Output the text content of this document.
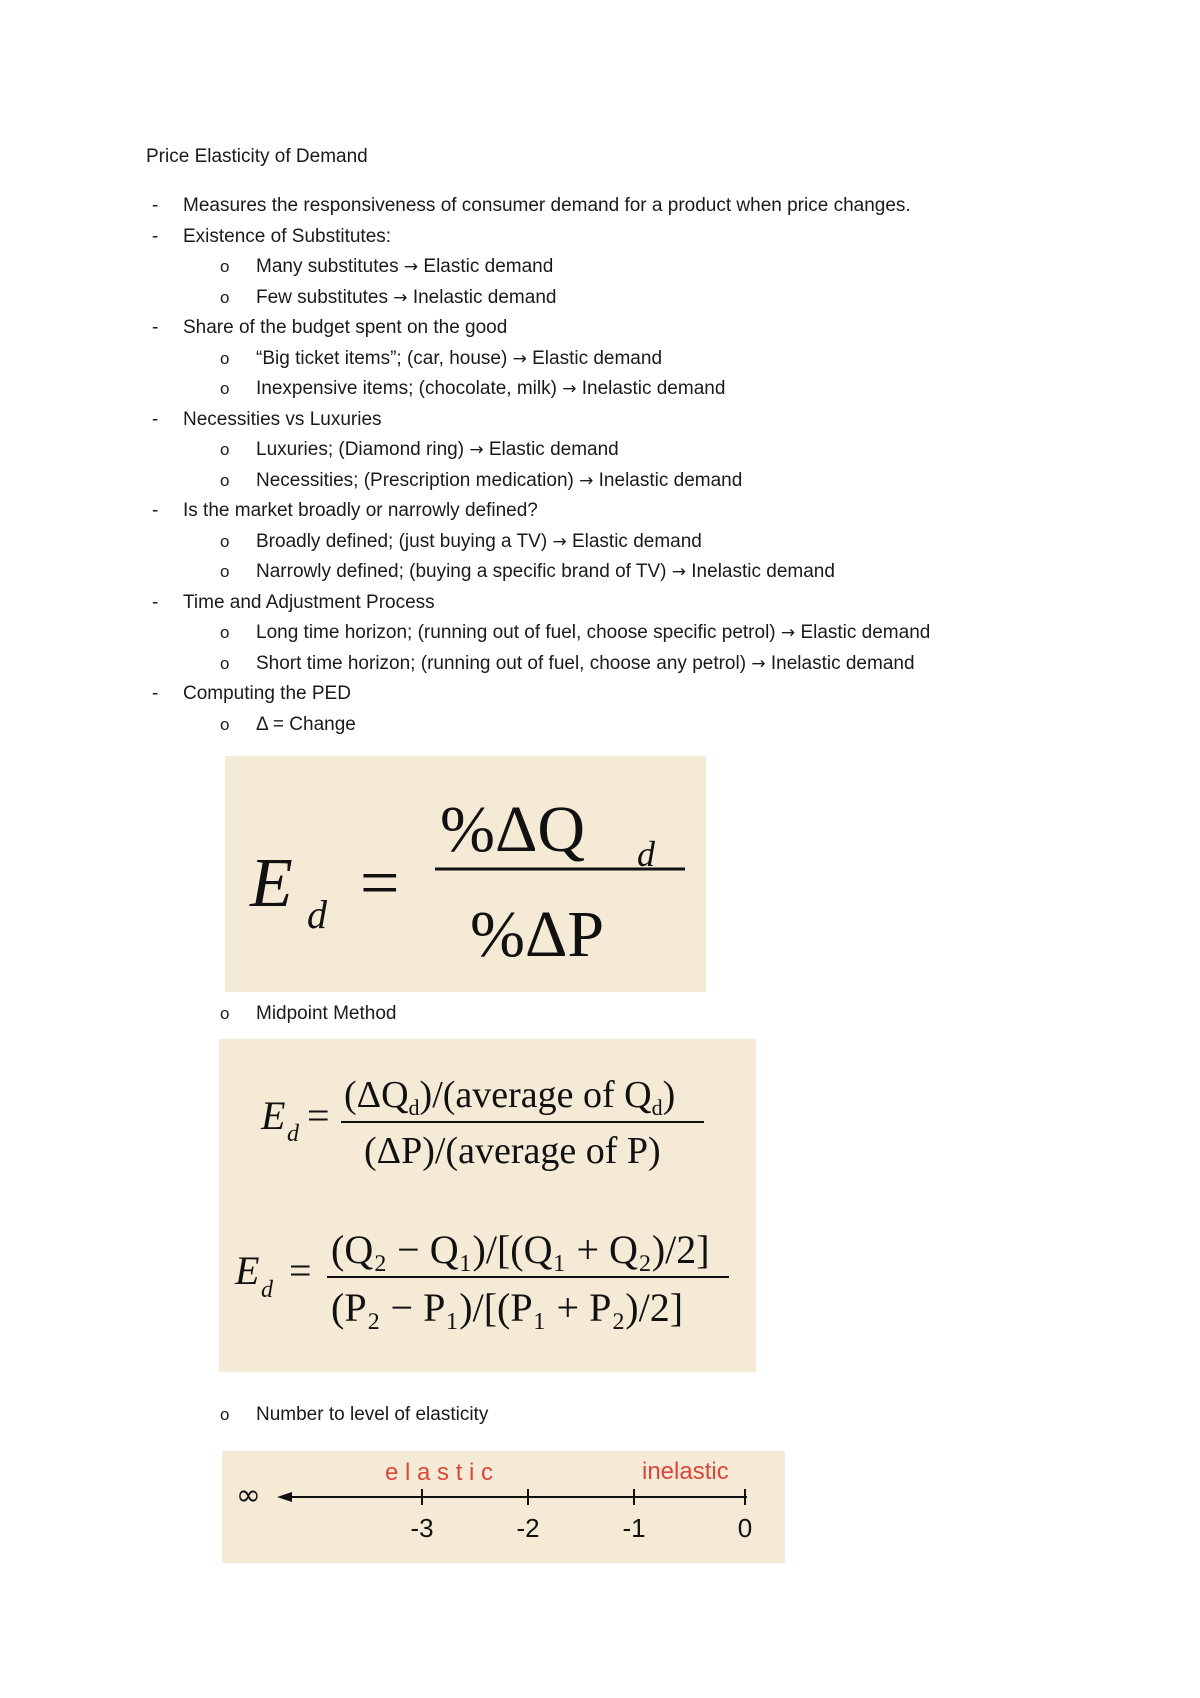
Price Elasticity of Demand
- Measures the responsiveness of consumer demand for a product when price changes.
- Existence of Substitutes:
o Many substitutes → Elastic demand
o Few substitutes → Inelastic demand
- Share of the budget spent on the good
o “Big ticket items”; (car, house) → Elastic demand
o Inexpensive items; (chocolate, milk) → Inelastic demand
- Necessities vs Luxuries
o Luxuries; (Diamond ring) → Elastic demand
o Necessities; (Prescription medication) → Inelastic demand
- Is the market broadly or narrowly defined?
o Broadly defined; (just buying a TV) → Elastic demand
o Narrowly defined; (buying a specific brand of TV) → Inelastic demand
- Time and Adjustment Process
o Long time horizon; (running out of fuel, choose specific petrol) → Elastic demand
o Short time horizon; (running out of fuel, choose any petrol) → Inelastic demand
- Computing the PED
o Δ = Change
E d =
%ΔQ d
%ΔP
o Midpoint Method
E $d = (\Delta Q_d)/(average$ of $Q_d$)
(ΔP)/(average of P)
E d = (Q₂ − Q₁)/[(Q₁ + Q₂)/2]
(P₂ − P₁)/[(P₁ + P₂)/2]
o Number to level of elasticity
∞
e l a s t i c	inelastic
-3	-2	-1	0
